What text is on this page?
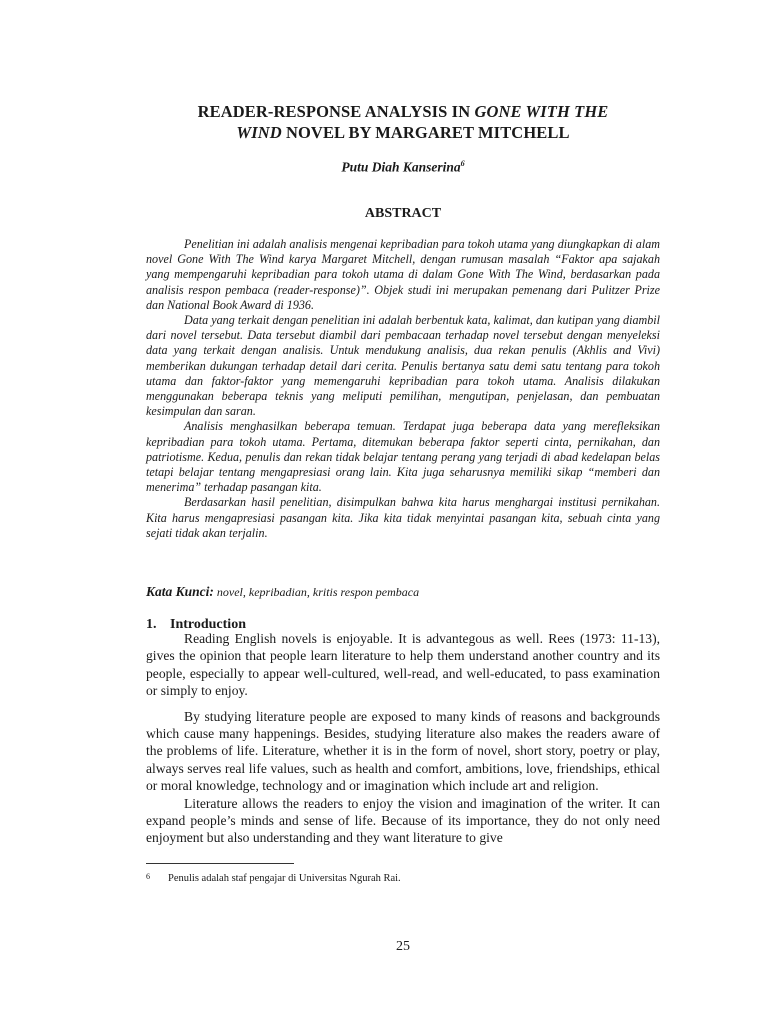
READER-RESPONSE ANALYSIS IN GONE WITH THE
WIND NOVEL BY MARGARET MITCHELL
Putu Diah Kanserina$^6$
ABSTRACT

Penelitian ini adalah analisis mengenai kepribadian para tokoh utama yang diungkapkan di alam novel Gone With The Wind karya Margaret Mitchell, dengan rumusan masalah “Faktor apa sajakah yang mempengaruhi kepribadian para tokoh utama di dalam Gone With The Wind, berdasarkan pada analisis respon pembaca (reader-response)”. Objek studi ini merupakan pemenang dari Pulitzer Prize dan National Book Award di 1936.

Data yang terkait dengan penelitian ini adalah berbentuk kata, kalimat, dan kutipan yang diambil dari novel tersebut. Data tersebut diambil dari pembacaan terhadap novel tersebut dengan menyeleksi data yang terkait dengan analisis. Untuk mendukung analisis, dua rekan penulis (Akhlis and Vivi) memberikan dukungan terhadap detail dari cerita. Penulis bertanya satu demi satu tentang para tokoh utama dan faktor-faktor yang memengaruhi kepribadian para tokoh utama. Analisis dilakukan menggunakan beberapa teknis yang meliputi pemilihan, mengutipan, penjelasan, dan pembuatan kesimpulan dan saran.

Analisis menghasilkan beberapa temuan. Terdapat juga beberapa data yang merefleksikan kepribadian para tokoh utama. Pertama, ditemukan beberapa faktor seperti cinta, pernikahan, dan patriotisme. Kedua, penulis dan rekan tidak belajar tentang perang yang terjadi di abad kedelapan belas tetapi belajar tentang mengapresiasi orang lain. Kita juga seharusnya memiliki sikap “memberi dan menerima” terhadap pasangan kita.

Berdasarkan hasil penelitian, disimpulkan bahwa kita harus menghargai institusi pernikahan. Kita harus mengapresiasi pasangan kita. Jika kita tidak menyintai pasangan kita, sebuah cinta yang sejati tidak akan terjalin.

Kata Kunci: novel, kepribadian, kritis respon pembaca
1. Introduction

Reading English novels is enjoyable. It is advantegous as well. Rees (1973: 11-13), gives the opinion that people learn literature to help them understand another country and its people, especially to appear well-cultured, well-read, and well-educated, to pass examination or simply to enjoy.

By studying literature people are exposed to many kinds of reasons and backgrounds which cause many happenings. Besides, studying literature also makes the readers aware of the problems of life. Literature, whether it is in the form of novel, short story, poetry or play, always serves real life values, such as health and comfort, ambitions, love, friendships, ethical or moral knowledge, technology and or imagination which include art and religion.

Literature allows the readers to enjoy the vision and imagination of the writer. It can expand people’s minds and sense of life. Because of its importance, they do not only need enjoyment but also understanding and they want literature to give

6 Penulis adalah staf pengajar di Universitas Ngurah Rai.
25
